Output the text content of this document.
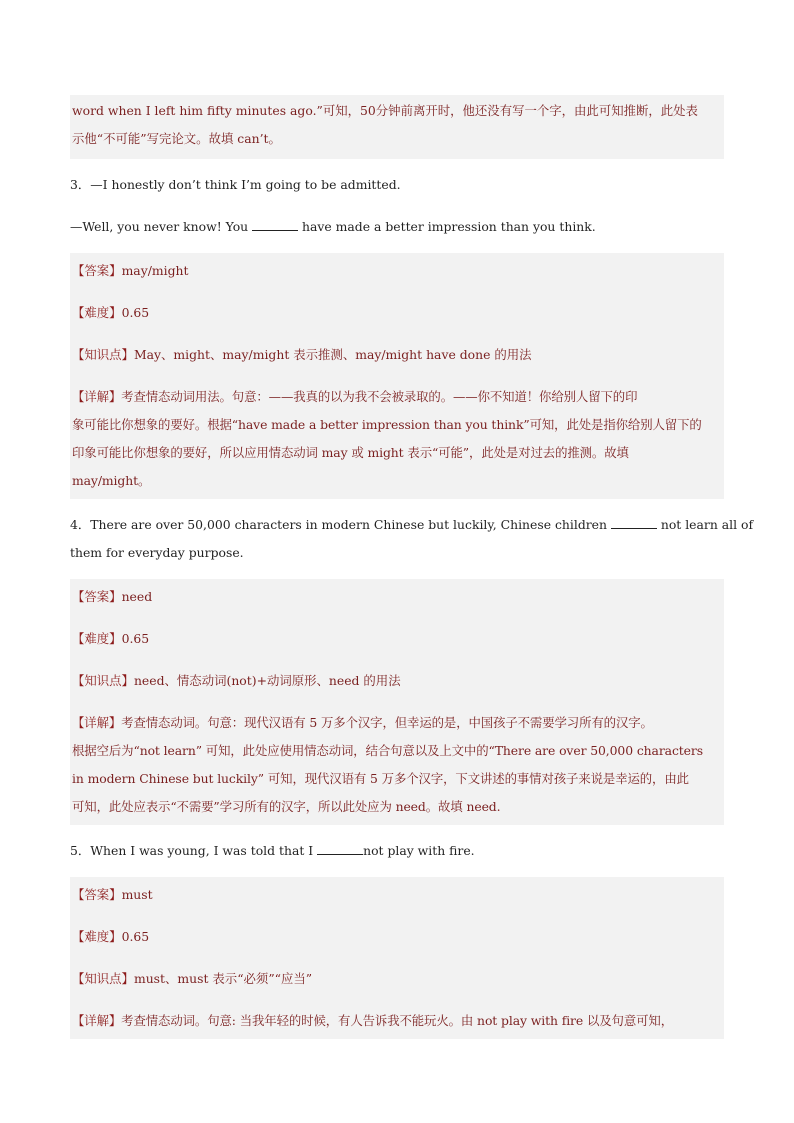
word when I left him fifty minutes ago.”可知，50分钟前离开时，他还没有写一个字，由此可知推断，此处表
示他“不可能”写完论文。故填 can’t。
3．—I honestly don’t think I’m going to be admitted.
—Well, you never know! You	have made a better impression than you think.
【答案】may/might
【难度】0.65
【知识点】May、might、may/might 表示推测、may/might have done 的用法
【详解】考查情态动词用法。句意：——我真的以为我不会被录取的。——你不知道！你给别人留下的印
象可能比你想象的要好。根据“have made a better impression than you think”可知，此处是指你给别人留下的
印象可能比你想象的要好，所以应用情态动词 may 或 might 表示“可能”，此处是对过去的推测。故填
may/might。
4．There are over 50,000 characters in modern Chinese but luckily, Chinese children	not learn all of
them for everyday purpose.
【答案】need
【难度】0.65
【知识点】need、情态动词(not)+动词原形、need 的用法
【详解】考查情态动词。句意：现代汉语有 5 万多个汉字，但幸运的是，中国孩子不需要学习所有的汉字。
根据空后为“not learn” 可知，此处应使用情态动词，结合句意以及上文中的“There are over 50,000 characters
in modern Chinese but luckily” 可知，现代汉语有 5 万多个汉字，下文讲述的事情对孩子来说是幸运的，由此
可知，此处应表示“不需要”学习所有的汉字，所以此处应为 need。故填 need.
5．When I was young, I was told that I	not play with fire.
【答案】must
【难度】0.65
【知识点】must、must 表示“必须”“应当”
【详解】考查情态动词。句意: 当我年轻的时候，有人告诉我不能玩火。由 not play with fire 以及句意可知，
